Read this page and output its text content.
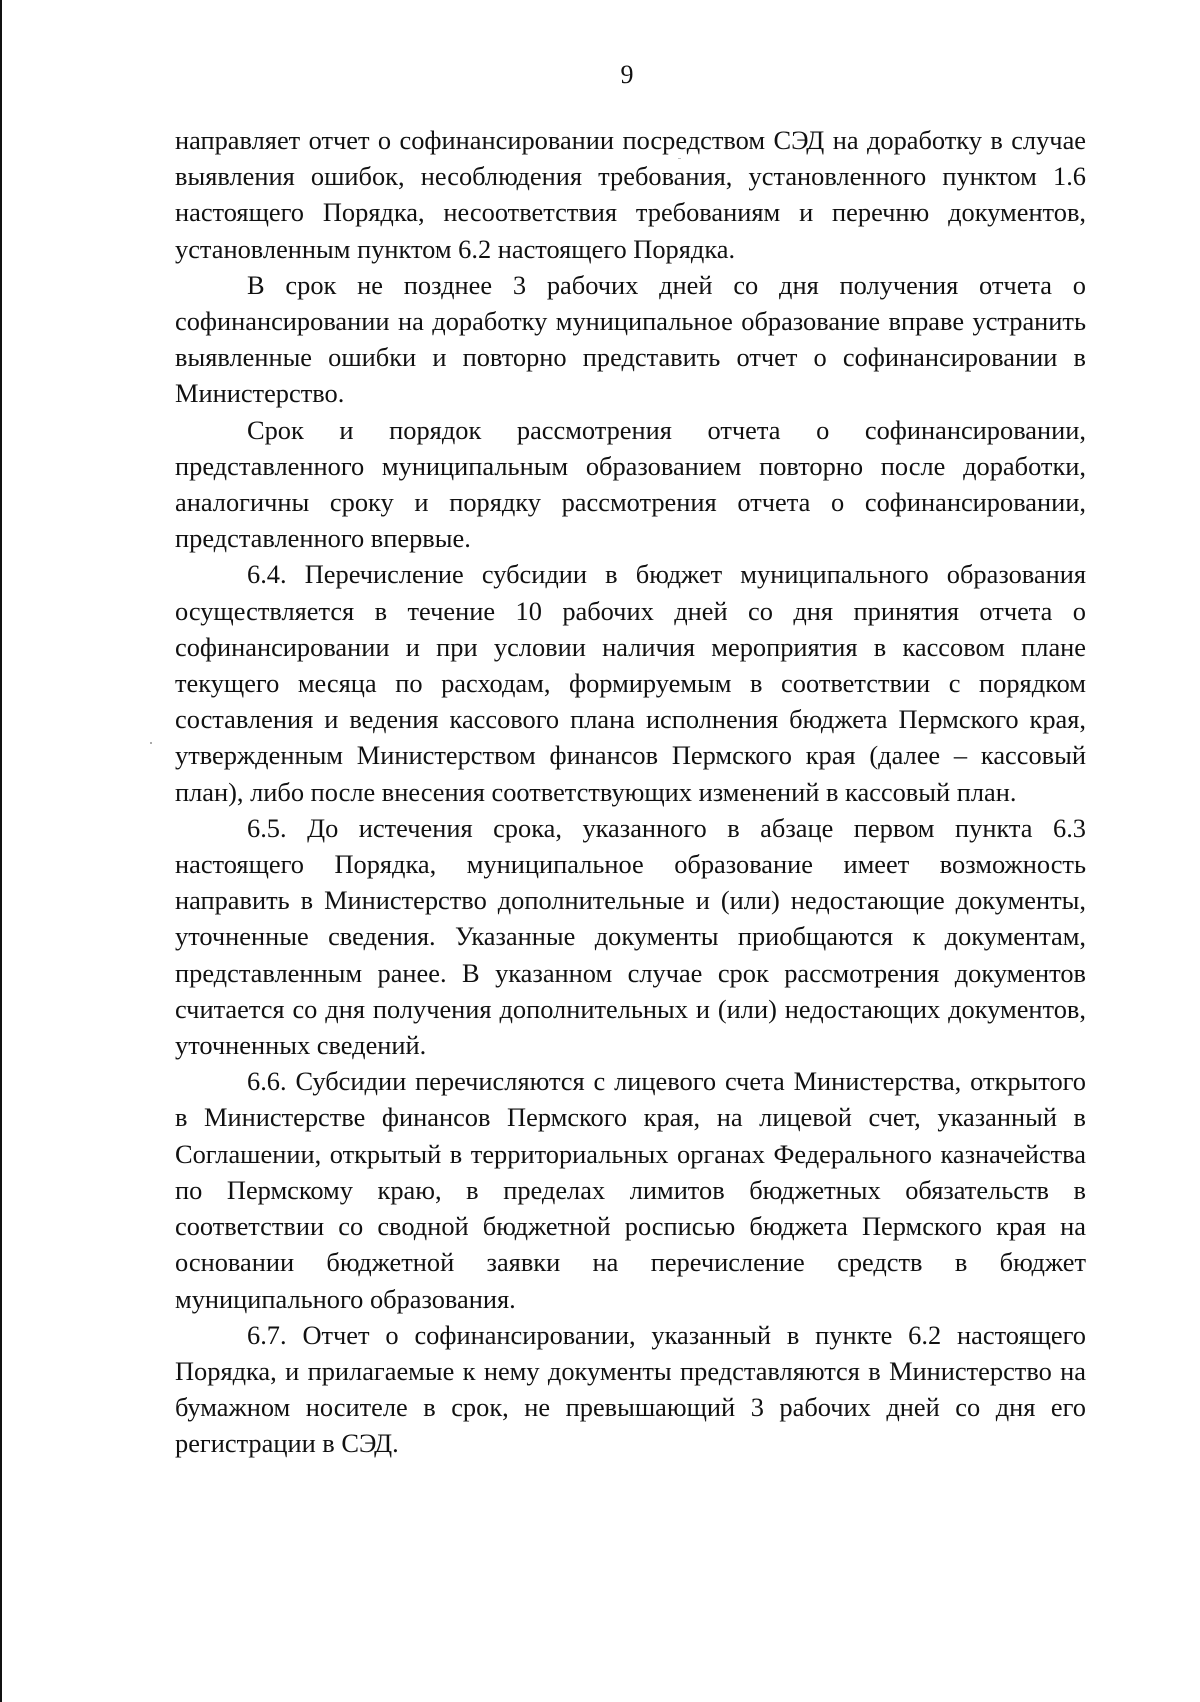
9

направляет отчет о софинансировании посредством СЭД на доработку в случае выявления ошибок, несоблюдения требования, установленного пунктом 1.6 настоящего Порядка, несоответствия требованиям и перечню документов, установленным пунктом 6.2 настоящего Порядка.

В срок не позднее 3 рабочих дней со дня получения отчета о софинансировании на доработку муниципальное образование вправе устранить выявленные ошибки и повторно представить отчет о софинансировании в Министерство.

Срок и порядок рассмотрения отчета о софинансировании, представленного муниципальным образованием повторно после доработки, аналогичны сроку и порядку рассмотрения отчета о софинансировании, представленного впервые.

6.4. Перечисление субсидии в бюджет муниципального образования осуществляется в течение 10 рабочих дней со дня принятия отчета о софинансировании и при условии наличия мероприятия в кассовом плане текущего месяца по расходам, формируемым в соответствии с порядком составления и ведения кассового плана исполнения бюджета Пермского края, утвержденным Министерством финансов Пермского края (далее – кассовый план), либо после внесения соответствующих изменений в кассовый план.

6.5. До истечения срока, указанного в абзаце первом пункта 6.3 настоящего Порядка, муниципальное образование имеет возможность направить в Министерство дополнительные и (или) недостающие документы, уточненные сведения. Указанные документы приобщаются к документам, представленным ранее. В указанном случае срок рассмотрения документов считается со дня получения дополнительных и (или) недостающих документов, уточненных сведений.

6.6. Субсидии перечисляются с лицевого счета Министерства, открытого в Министерстве финансов Пермского края, на лицевой счет, указанный в Соглашении, открытый в территориальных органах Федерального казначейства по Пермскому краю, в пределах лимитов бюджетных обязательств в соответствии со сводной бюджетной росписью бюджета Пермского края на основании бюджетной заявки на перечисление средств в бюджет муниципального образования.

6.7. Отчет о софинансировании, указанный в пункте 6.2 настоящего Порядка, и прилагаемые к нему документы представляются в Министерство на бумажном носителе в срок, не превышающий 3 рабочих дней со дня его регистрации в СЭД.
